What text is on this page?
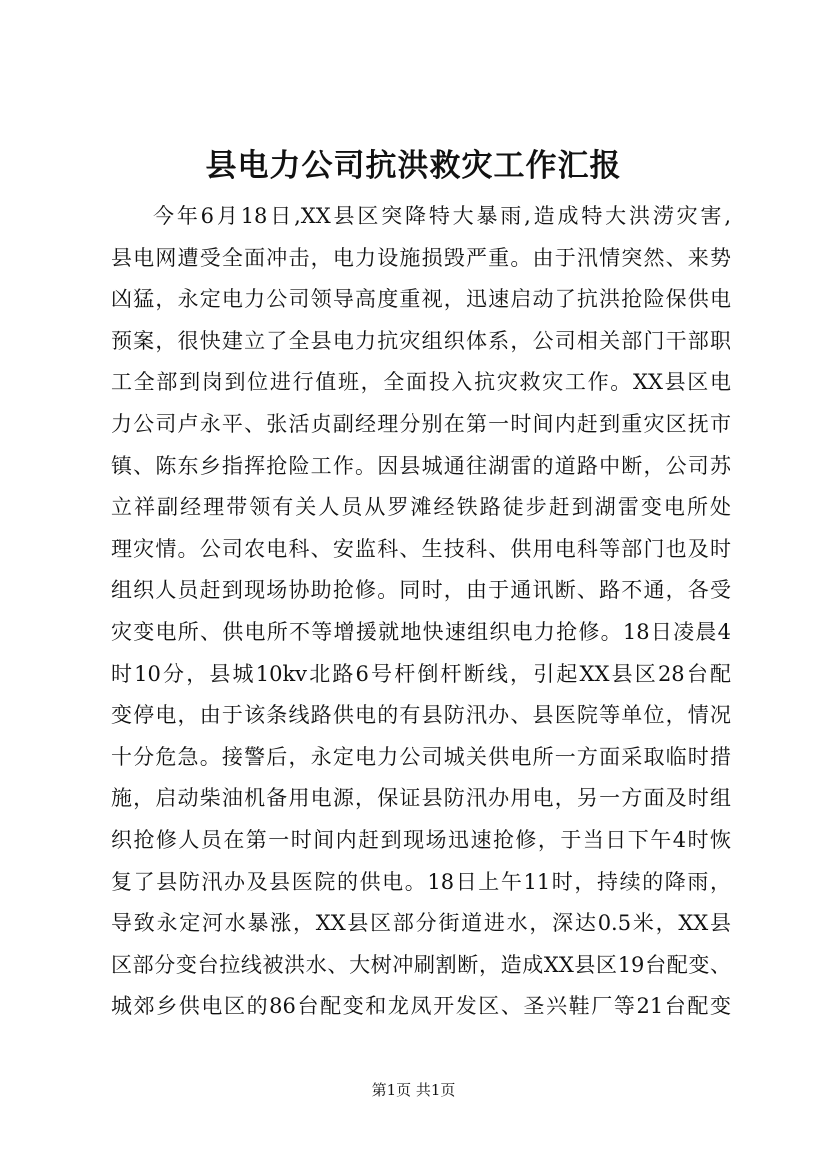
县电力公司抗洪救灾工作汇报
今年6月18日,XX县区突降特大暴雨,造成特大洪涝灾害,
县电网遭受全面冲击，电力设施损毁严重。由于汛情突然、来势
凶猛，永定电力公司领导高度重视，迅速启动了抗洪抢险保供电
预案，很快建立了全县电力抗灾组织体系，公司相关部门干部职
工全部到岗到位进行值班，全面投入抗灾救灾工作。XX县区电
力公司卢永平、张活贞副经理分别在第一时间内赶到重灾区抚市
镇、陈东乡指挥抢险工作。因县城通往湖雷的道路中断，公司苏
立祥副经理带领有关人员从罗滩经铁路徒步赶到湖雷变电所处
理灾情。公司农电科、安监科、生技科、供用电科等部门也及时
组织人员赶到现场协助抢修。同时，由于通讯断、路不通，各受
灾变电所、供电所不等增援就地快速组织电力抢修。18日凌晨4
时10分，县城10kv北路6号杆倒杆断线，引起XX县区28台配
变停电，由于该条线路供电的有县防汛办、县医院等单位，情况
十分危急。接警后，永定电力公司城关供电所一方面采取临时措
施，启动柴油机备用电源，保证县防汛办用电，另一方面及时组
织抢修人员在第一时间内赶到现场迅速抢修，于当日下午4时恢
复了县防汛办及县医院的供电。18日上午11时，持续的降雨，
导致永定河水暴涨，XX县区部分街道进水，深达0.5米，XX县
区部分变台拉线被洪水、大树冲刷割断，造成XX县区19台配变、
城郊乡供电区的86台配变和龙凤开发区、圣兴鞋厂等21台配变
第1页 共1页
